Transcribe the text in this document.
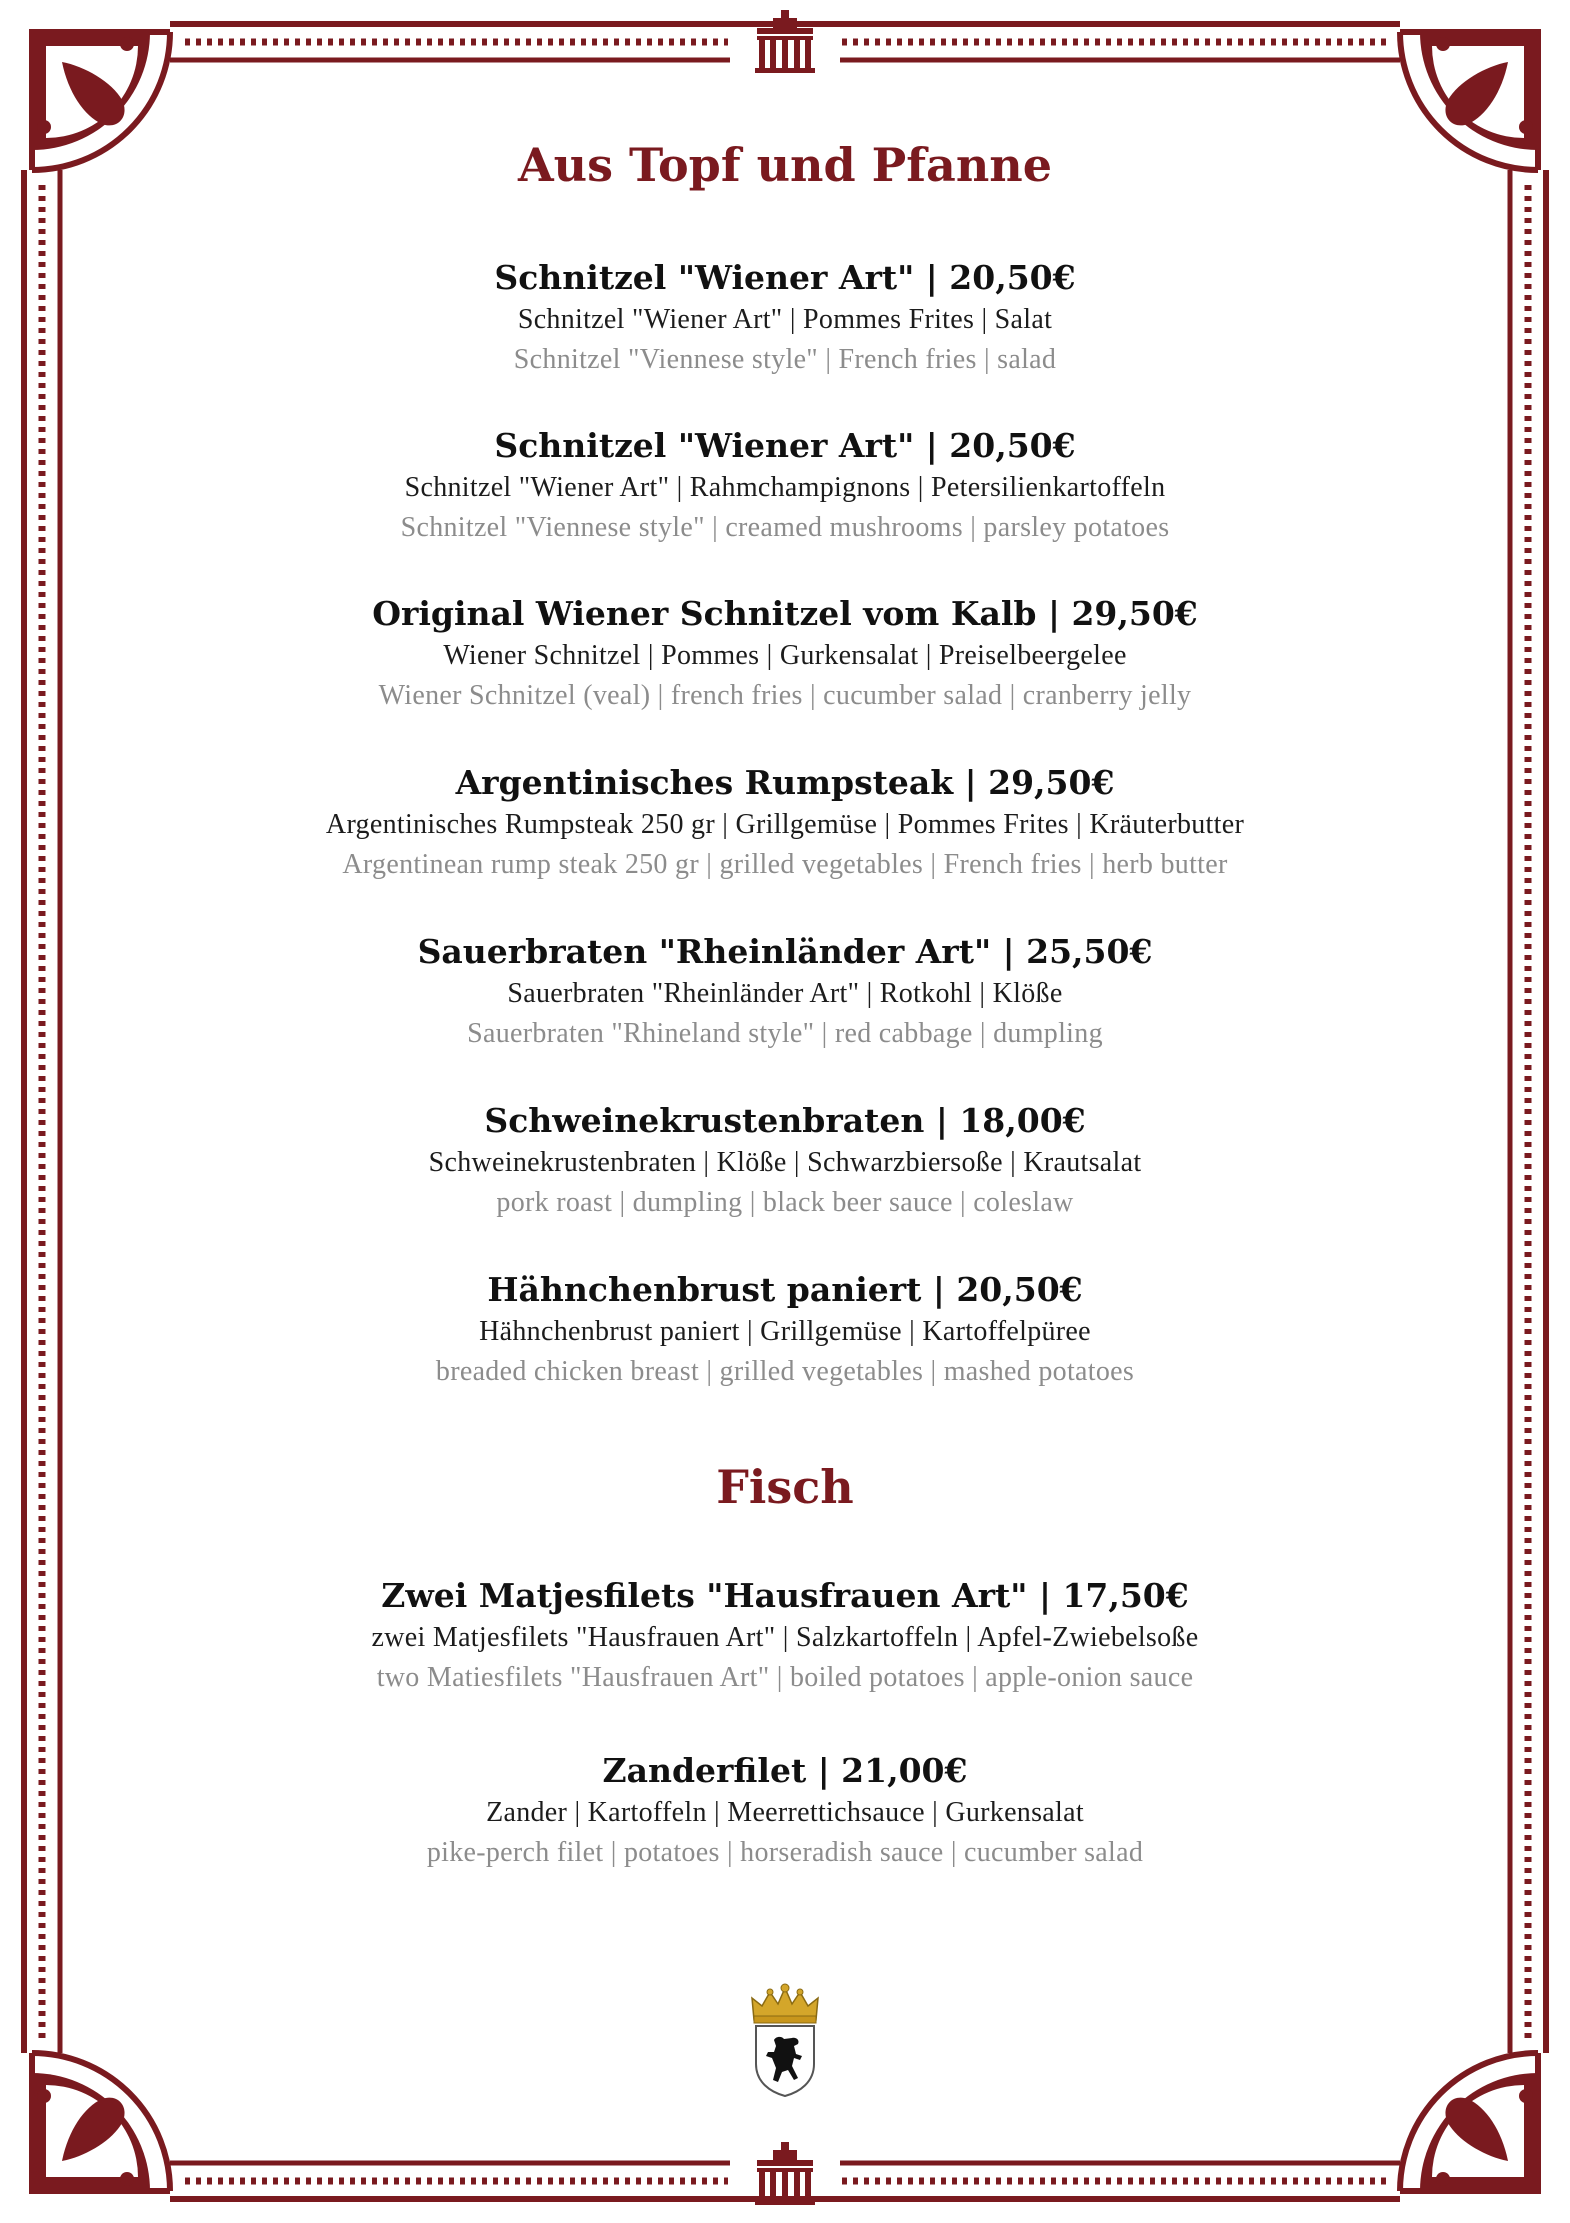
Aus Topf und Pfanne
Schnitzel "Wiener Art" | 20,50€
Schnitzel "Wiener Art" | Pommes Frites | Salat
Schnitzel "Viennese style" | French fries | salad
Schnitzel "Wiener Art" | 20,50€
Schnitzel "Wiener Art" | Rahmchampignons | Petersilienkartoffeln
Schnitzel "Viennese style" | creamed mushrooms | parsley potatoes
Original Wiener Schnitzel vom Kalb | 29,50€
Wiener Schnitzel | Pommes | Gurkensalat | Preiselbeergelee
Wiener Schnitzel (veal) | french fries | cucumber salad | cranberry jelly
Argentinisches Rumpsteak | 29,50€
Argentinisches Rumpsteak 250 gr | Grillgemüse | Pommes Frites | Kräuterbutter
Argentinean rump steak 250 gr | grilled vegetables | French fries | herb butter
Sauerbraten "Rheinländer Art" | 25,50€
Sauerbraten "Rheinländer Art" | Rotkohl | Klöße
Sauerbraten "Rhineland style" | red cabbage | dumpling
Schweinekrustenbraten | 18,00€
Schweinekrustenbraten | Klöße | Schwarzbiersoße | Krautsalat
pork roast | dumpling | black beer sauce | coleslaw
Hähnchenbrust paniert | 20,50€
Hähnchenbrust paniert | Grillgemüse | Kartoffelpüree
breaded chicken breast | grilled vegetables | mashed potatoes
Fisch
Zwei Matjesfilets "Hausfrauen Art" | 17,50€
zwei Matjesfilets "Hausfrauen Art" | Salzkartoffeln | Apfel-Zwiebelsoße
two Matiesfilets "Hausfrauen Art" | boiled potatoes | apple-onion sauce
Zanderfilet | 21,00€
Zander | Kartoffeln | Meerrettichsauce | Gurkensalat
pike-perch filet | potatoes | horseradish sauce | cucumber salad
